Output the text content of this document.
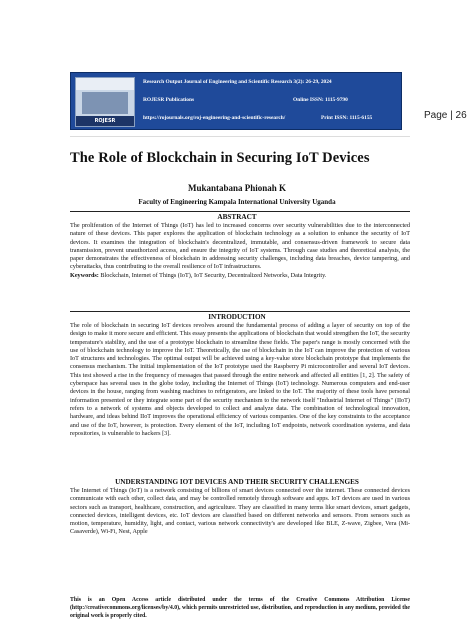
ROJESR
Research Output Journal of Engineering and Scientific Research 3(2): 26-29, 2024
ROJESR Publications	Online ISSN: 1115-9790
https://rojournals.org/roj-engineering-and-scientific-research/	Print ISSN: 1115-6155	Page | 26
The Role of Blockchain in Securing IoT Devices
Mukantabana Phionah K
Faculty of Engineering Kampala International University Uganda
ABSTRACT
The proliferation of the Internet of Things (IoT) has led to increased concerns over security vulnerabilities due to the interconnected nature of these devices. This paper explores the application of blockchain technology as a solution to enhance the security of IoT devices. It examines the integration of blockchain's decentralized, immutable, and consensus-driven framework to secure data transmission, prevent unauthorized access, and ensure the integrity of IoT systems. Through case studies and theoretical analysis, the paper demonstrates the effectiveness of blockchain in addressing security challenges, including data breaches, device tampering, and cyberattacks, thus contributing to the overall resilience of IoT infrastructures.
Keywords: Blockchain, Internet of Things (IoT), IoT Security, Decentralized Networks, Data Integrity.
INTRODUCTION
The role of blockchain in securing IoT devices revolves around the fundamental process of adding a layer of security on top of the design to make it more secure and efficient. This essay presents the applications of blockchain that would strengthen the IoT, the security temperature's stability, and the use of a prototype blockchain to streamline these fields. The paper's range is mostly concerned with the use of blockchain technology to improve the IoT. Theoretically, the use of blockchain in the IoT can improve the protection of various IoT structures and technologies. The optimal output will be achieved using a key-value store blockchain prototype that implements the consensus mechanism. The initial implementation of the IoT prototype used the Raspberry Pi microcontroller and several IoT devices. This test showed a rise in the frequency of messages that passed through the entire network and affected all entities [1, 2]. The safety of cyberspace has several uses in the globe today, including the Internet of Things (IoT) technology. Numerous computers and end-user devices in the house, ranging from washing machines to refrigerators, are linked to the IoT. The majority of these tools have personal information presented or they integrate some part of the security mechanism to the network itself "Industrial Internet of Things" (IIoT) refers to a network of systems and objects developed to collect and analyze data. The combination of technological innovation, hardware, and ideas behind IIoT improves the operational efficiency of various companies. One of the key constraints to the acceptance and use of the IoT, however, is protection. Every element of the IoT, including IoT endpoints, network coordination systems, and data repositories, is vulnerable to hackers [3].
UNDERSTANDING IOT DEVICES AND THEIR SECURITY CHALLENGES
The Internet of Things (IoT) is a network consisting of billions of smart devices connected over the internet. These connected devices communicate with each other, collect data, and may be controlled remotely through software and apps. IoT devices are used in various sectors such as transport, healthcare, construction, and agriculture. They are classified in many terms like smart devices, smart gadgets, connected devices, intelligent devices, etc. IoT devices are classified based on different networks and sensors. From sensors such as motion, temperature, humidity, light, and contact, various network connectivity's are developed like BLE, Z-wave, Zigbee, Vera (Mi-Casaverde), Wi-Fi, Nest, Apple
This is an Open Access article distributed under the terms of the Creative Commons Attribution License (http://creativecommons.org/licenses/by/4.0), which permits unrestricted use, distribution, and reproduction in any medium, provided the original work is properly cited.
